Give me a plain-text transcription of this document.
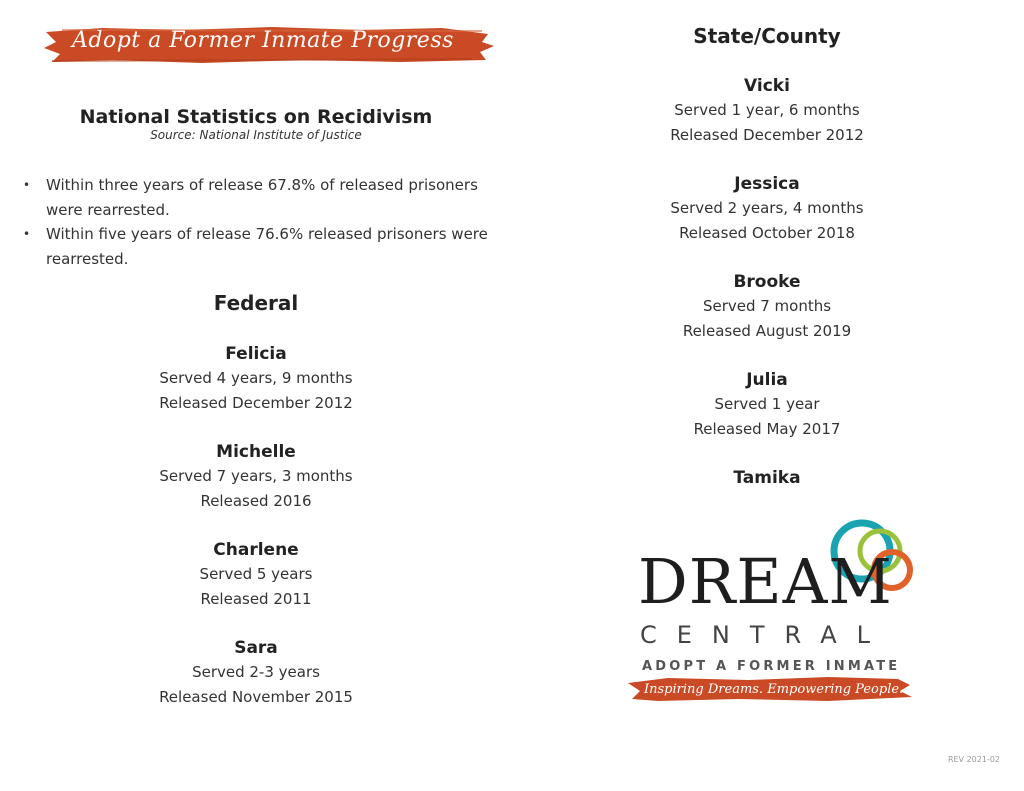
Adopt a Former Inmate Progress
National Statistics on Recidivism
Source: National Institute of Justice
• Within three years of release 67.8% of released prisoners were rearrested.
• Within five years of release 76.6% released prisoners were rearrested.
Federal
Felicia
Served 4 years, 9 months
Released December 2012
Michelle
Served 7 years, 3 months
Released 2016
Charlene
Served 5 years
Released 2011
Sara
Served 2-3 years
Released November 2015
State/County
Vicki
Served 1 year, 6 months
Released December 2012
Jessica
Served 2 years, 4 months
Released October 2018
Brooke
Served 7 months
Released August 2019
Julia
Served 1 year
Released May 2017
Tamika
DREAM
CENTRAL
ADOPT A FORMER INMATE
Inspiring Dreams. Empowering People.
REV 2021-02
